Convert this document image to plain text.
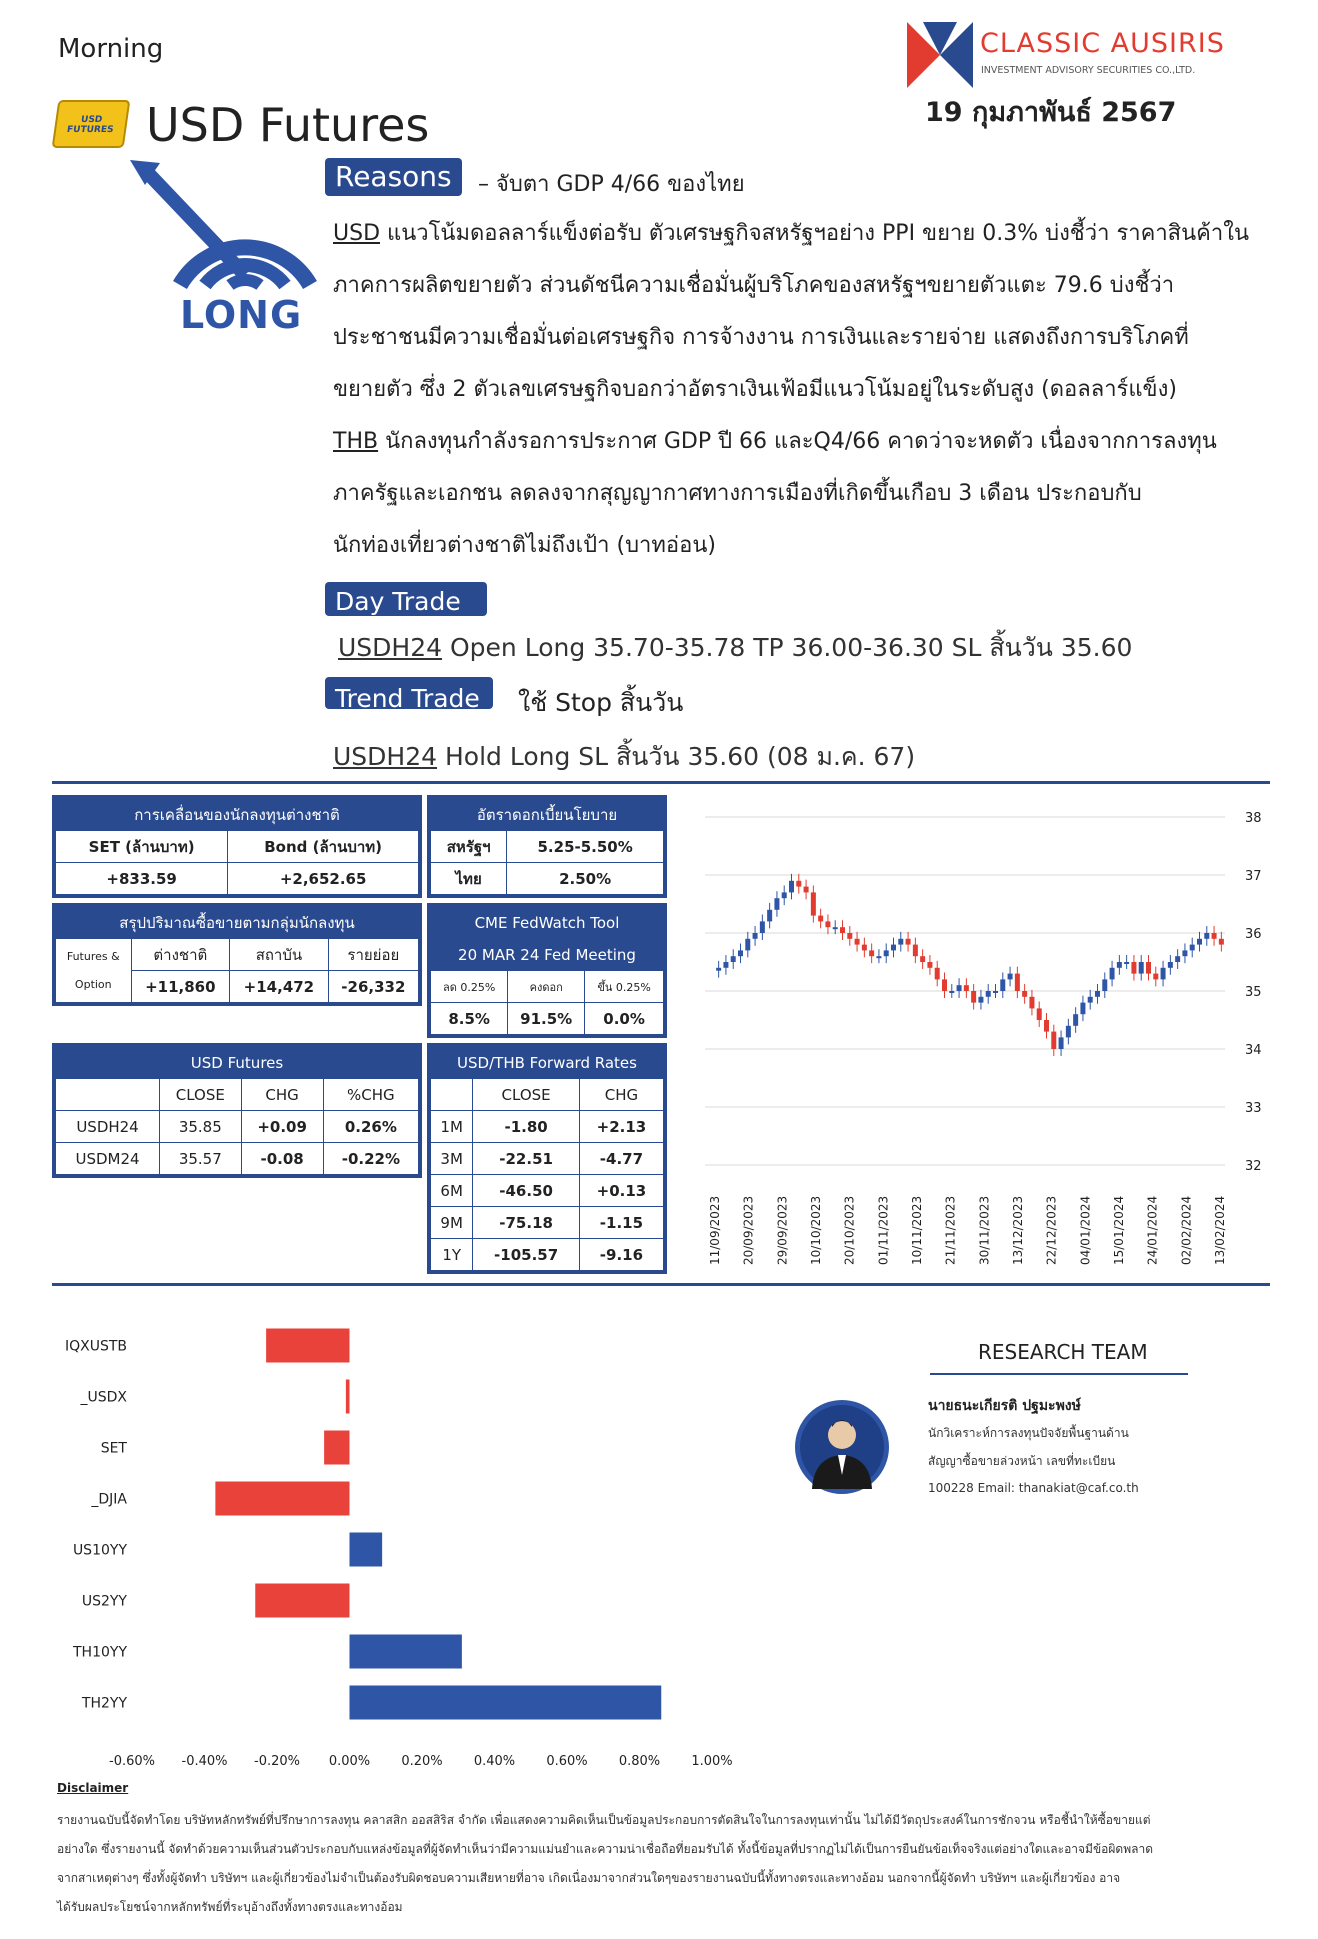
Morning	CLASSIC AUSIRIS
INVESTMENT ADVISORY SECURITIES CO.,LTD.
19 กุมภาพันธ์ 2567
USD FUTURES USD Futures
LONG
Reasons	– จับตา GDP 4/66 ของไทย
USD แนวโน้มดอลลาร์แข็งต่อรับ ตัวเศรษฐกิจสหรัฐฯอย่าง PPI ขยาย 0.3% บ่งชี้ว่า ราคาสินค้าใน
ภาคการผลิตขยายตัว ส่วนดัชนีความเชื่อมั่นผู้บริโภคของสหรัฐฯขยายตัวแตะ 79.6 บ่งชี้ว่า
ประชาชนมีความเชื่อมั่นต่อเศรษฐกิจ การจ้างงาน การเงินและรายจ่าย แสดงถึงการบริโภคที่
ขยายตัว ซึ่ง 2 ตัวเลขเศรษฐกิจบอกว่าอัตราเงินเฟ้อมีแนวโน้มอยู่ในระดับสูง (ดอลลาร์แข็ง)
THB นักลงทุนกำลังรอการประกาศ GDP ปี 66 และQ4/66 คาดว่าจะหดตัว เนื่องจากการลงทุน
ภาครัฐและเอกชน ลดลงจากสุญญากาศทางการเมืองที่เกิดขึ้นเกือบ 3 เดือน ประกอบกับ
นักท่องเที่ยวต่างชาติไม่ถึงเป้า (บาทอ่อน)
Day Trade
USDH24 Open Long 35.70-35.78 TP 36.00-36.30 SL สิ้นวัน 35.60
Trend Trade	ใช้ Stop สิ้นวัน
USDH24 Hold Long SL สิ้นวัน 35.60 (08 ม.ค. 67)
การเคลื่อนของนักลงทุนต่างชาติ	
SET (ล้านบาท)	Bond (ล้านบาท)
+833.59	+2,652.65
อัตราดอกเบี้ยนโยบาย	
สหรัฐฯ	5.25-5.50%
ไทย	2.50%
สรุปปริมาณซื้อขายตามกลุ่มนักลงทุน			

Futures &
Option	ต่างชาติ	สถาบัน	รายย่อย
	+11,860	+14,472	-26,332
CME FedWatch Tool		
20 MAR 24 Fed Meeting		
ลด 0.25%	คงดอก	ขึ้น 0.25%
8.5%	91.5%	0.0%
USD Futures			
	CLOSE	CHG	%CHG
USDH24	35.85	+0.09	0.26%
USDM24	35.57	-0.08	-0.22%
USD/THB Forward Rates		
	CLOSE	CHG
1M	-1.80	+2.13
3M	-22.51	-4.77
6M	-46.50	+0.13
9M	-75.18	-1.15
1Y	-105.57	-9.16
38
37
36
35
34
33
32
11/09/2023 20/09/2023 29/09/2023 10/10/2023 20/10/2023 01/11/2023 10/11/2023 21/11/2023 30/11/2023 13/12/2023 22/12/2023 04/01/2024 15/01/2024 24/01/2024 02/02/2024 13/02/2024
IQXUSTB
_USDX
SET
_DJIA
US10YY
US2YY
TH10YY
TH2YY
-0.60% -0.40% -0.20% 0.00% 0.20% 0.40% 0.60% 0.80% 1.00%
RESEARCH TEAM
นายธนะเกียรติ ปฐมะพงษ์
นักวิเคราะห์การลงทุนปัจจัยพื้นฐานด้าน
สัญญาซื้อขายล่วงหน้า เลขที่ทะเบียน
100228 Email: thanakiat@caf.co.th
Disclaimer
รายงานฉบับนี้จัดทำโดย บริษัทหลักทรัพย์ที่ปรึกษาการลงทุน คลาสสิก ออสสิริส จำกัด เพื่อแสดงความคิดเห็นเป็นข้อมูลประกอบการตัดสินใจในการลงทุนเท่านั้น ไม่ได้มีวัตถุประสงค์ในการชักจวน หรือชี้นำให้ซื้อขายแต่
อย่างใด ซึ่งรายงานนี้ จัดทำด้วยความเห็นส่วนตัวประกอบกับแหล่งข้อมูลที่ผู้จัดทำเห็นว่ามีความแม่นยำและความน่าเชื่อถือที่ยอมรับได้ ทั้งนี้ข้อมูลที่ปรากฏไม่ได้เป็นการยืนยันข้อเท็จจริงแต่อย่างใดและอาจมีข้อผิดพลาด
จากสาเหตุต่างๆ ซึ่งทั้งผู้จัดทำ บริษัทฯ และผู้เกี่ยวข้องไม่จำเป็นต้องรับผิดชอบความเสียหายที่อาจ เกิดเนื่องมาจากส่วนใดๆของรายงานฉบับนี้ทั้งทางตรงและทางอ้อม นอกจากนี้ผู้จัดทำ บริษัทฯ และผู้เกี่ยวข้อง อาจ
ได้รับผลประโยชน์จากหลักทรัพย์ที่ระบุอ้างถึงทั้งทางตรงและทางอ้อม
